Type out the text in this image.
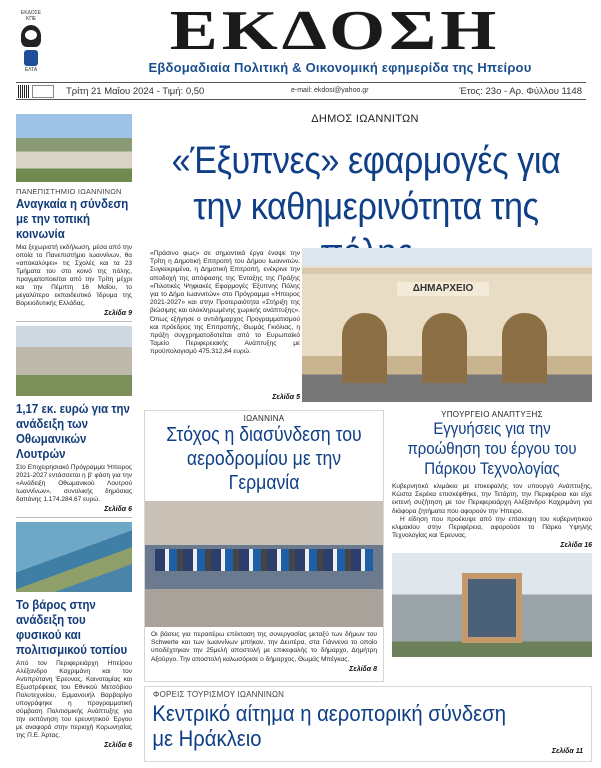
ΕΚΔΟΣΕ ΚΠΕ
ΕΛΤΑ
ΕΚΔΟΣΗ
Εβδομαδιαία Πολιτική & Οικονομική εφημερίδα της Ηπείρου
Τρίτη 21 Μαΐου 2024 - Τιμή: 0,50	e-mail: ekdosi@yahoo.gr	Έτος: 23ο - Αρ. Φύλλου 1148
ΠΑΝΕΠΙΣΤΗΜΙΟ ΙΩΑΝΝΙΝΩΝ
Αναγκαία η σύνδεση με την τοπική κοινωνία
Μια ξεχωριστή εκδήλωση, μέσα από την οποία το Πανεπιστήμιο Ιωαννίνων, θα «αποκαλύψει» τις Σχολές και τα 23 Τμήματα του στο κοινό της πόλης, πραγματοποιείται από την Τρίτη μέχρι και την Πέμπτη 16 Μαΐου, το μεγαλύτερο εκπαιδευτικό Ίδρυμα της Βορειοδυτικής Ελλάδας.
Σελίδα 9
1,17 εκ. ευρώ για την ανάδειξη των Οθωμανικών Λουτρών
Στο Επιχειρησιακό Πρόγραμμα 'Ηπειρος 2021-2027 εντάσσεται η β' φάση για την «Ανάδειξη Οθωμανικού Λουτρού Ιωαννίνων», συνολικής δημόσιας δαπάνης 1.174.284.67 ευρώ.
Σελίδα 6
Το βάρος στην ανάδειξη του φυσικού και πολιτισμικού τοπίου
Από τον Περιφερειάρχη Ηπείρου Αλέξανδρο Καχριμάνη και τον Αντιπρύτανη Έρευνας, Καινοτομίας και Εξωστρέφειας του Εθνικού Μετσόβιου Πολυτεχνείου, Εμμανουήλ Βαρβαρίγο υπογράφηκε η προγραμματική σύμβαση Πολιτισμικής Ανάπτυξης για την εκπόνηση του ερευνητικού Έργου με αναφορά στην περιοχή Κορωνησίας της Π.Ε. Άρτας.
Σελίδα 6
ΔΗΜΟΣ ΙΩΑΝΝΙΤΩΝ
«Έξυπνες» εφαρμογές για την καθημερινότητα της
«Πράσινο φως» σε σημαντικά έργα έναψε την Τρίτη η Δημοτική Επιτροπή του Δήμου Ιωαννιτών. Συγκεκριμένα, η Δημοτική Επιτροπή, ενέκρινε την αποδοχή της απόφασης της Ένταξης της Πράξης «Πιλοτικές Ψηφιακές Εφαρμογές Έξυπνης Πόλης για το Δήμο Ιωαννιτών» στο Πρόγραμμα «Ήπειρος 2021-2027» και στην Προτεραιότητα «Στήριξη της βιώσιμης και ολοκληρωμένης χωρικής ανάπτυξης». Όπως εξήγησε ο αντιδήμαρχος Προγραμματισμού και πρόεδρος της Επιτροπής, Θωμάς Γκιόλιας, η πράξη συγχρηματοδοτείται από το Ευρωπαϊκό Ταμείο Περιφερειακής Ανάπτυξης με προϋπολογισμό 475.312,84 ευρώ.
Σελίδα 5
ΔΗΜΑΡΧΕΙΟ
ΙΩΑΝΝΙΝΑ
Στόχος η διασύνδεση του αεροδρομίου με την Γερμανία
Οι βάσεις για περαιτέρω επέκταση της συνεργασίας μεταξύ των δήμων του Schwerte και των Ιωαννίνων μπήκαν, την Δευτέρα, στα Γιάννενα το οποίο υποδέχτηκαν την 25μελή αποστολή με επικεφαλής το δήμαρχο, Δημήτρη Αξούργο. Την αποστολή καλωσόρισε ο δήμαρχος, Θωμάς Μπέγκας.
Σελίδα 8
ΥΠΟΥΡΓΕΙΟ ΑΝΑΠΤΥΞΗΣ
Εγγυήσεις για την προώθηση του έργου του Πάρκου Τεχνολογίας
Κυβερνητικό κλιμάκιο με επικεφαλής τον υπουργό Ανάπτυξης, Κώστα Σκρέκα επισκέφθηκε, την Τετάρτη, την Περιφέρεια και είχε εκτενή συζήτηση με τον Περιφερειάρχη Αλέξανδρο Καχριμάνη για διάφορα ζητήματα που αφορούν την Ήπειρο.
Η είδηση που προέκυψε από την επίσκεψη του κυβερνητικού κλιμακίου στην Περιφέρεια, αφορούσε το Πάρκο Υψηλής Τεχνολογίας και Έρευνας.
Σελίδα 16
ΦΟΡΕΙΣ ΤΟΥΡΙΣΜΟΥ ΙΩΑΝΝΙΝΩΝ
Κεντρικό αίτημα η αεροπορική σύνδεση με Ηράκλειο
Σελίδα 11
